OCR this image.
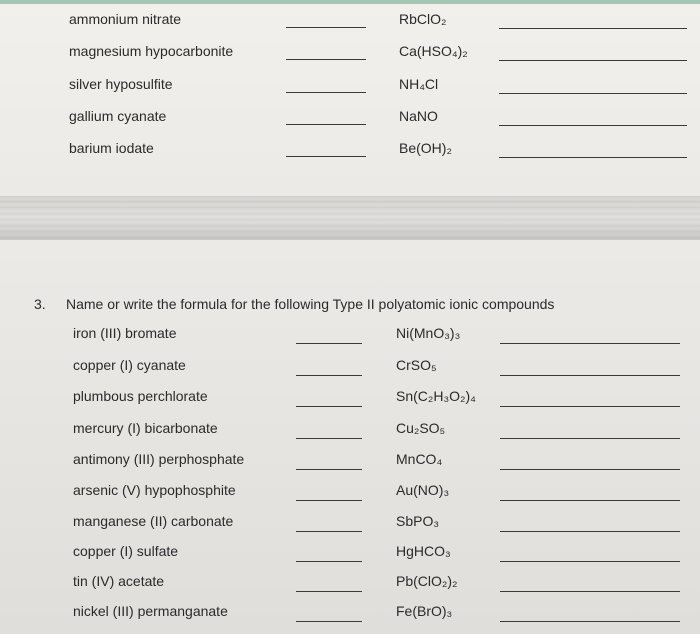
ammonium nitrate	RbClO₂
magnesium hypocarbonite	Ca(HSO₄)₂
silver hyposulfite	NH₄Cl
gallium cyanate	NaNO
barium iodate	Be(OH)₂
3. Name or write the formula for the following Type II polyatomic ionic compounds
iron (III) bromate	Ni(MnO₃)₃
copper (I) cyanate	CrSO₅
plumbous perchlorate	Sn(C₂H₃O₂)₄
mercury (I) bicarbonate	Cu₂SO₅
antimony (III) perphosphate	MnCO₄
arsenic (V) hypophosphite	Au(NO)₃
manganese (II) carbonate	SbPO₃
copper (I) sulfate	HgHCO₃
tin (IV) acetate	Pb(ClO₂)₂
nickel (III) permanganate	Fe(BrO)₃
